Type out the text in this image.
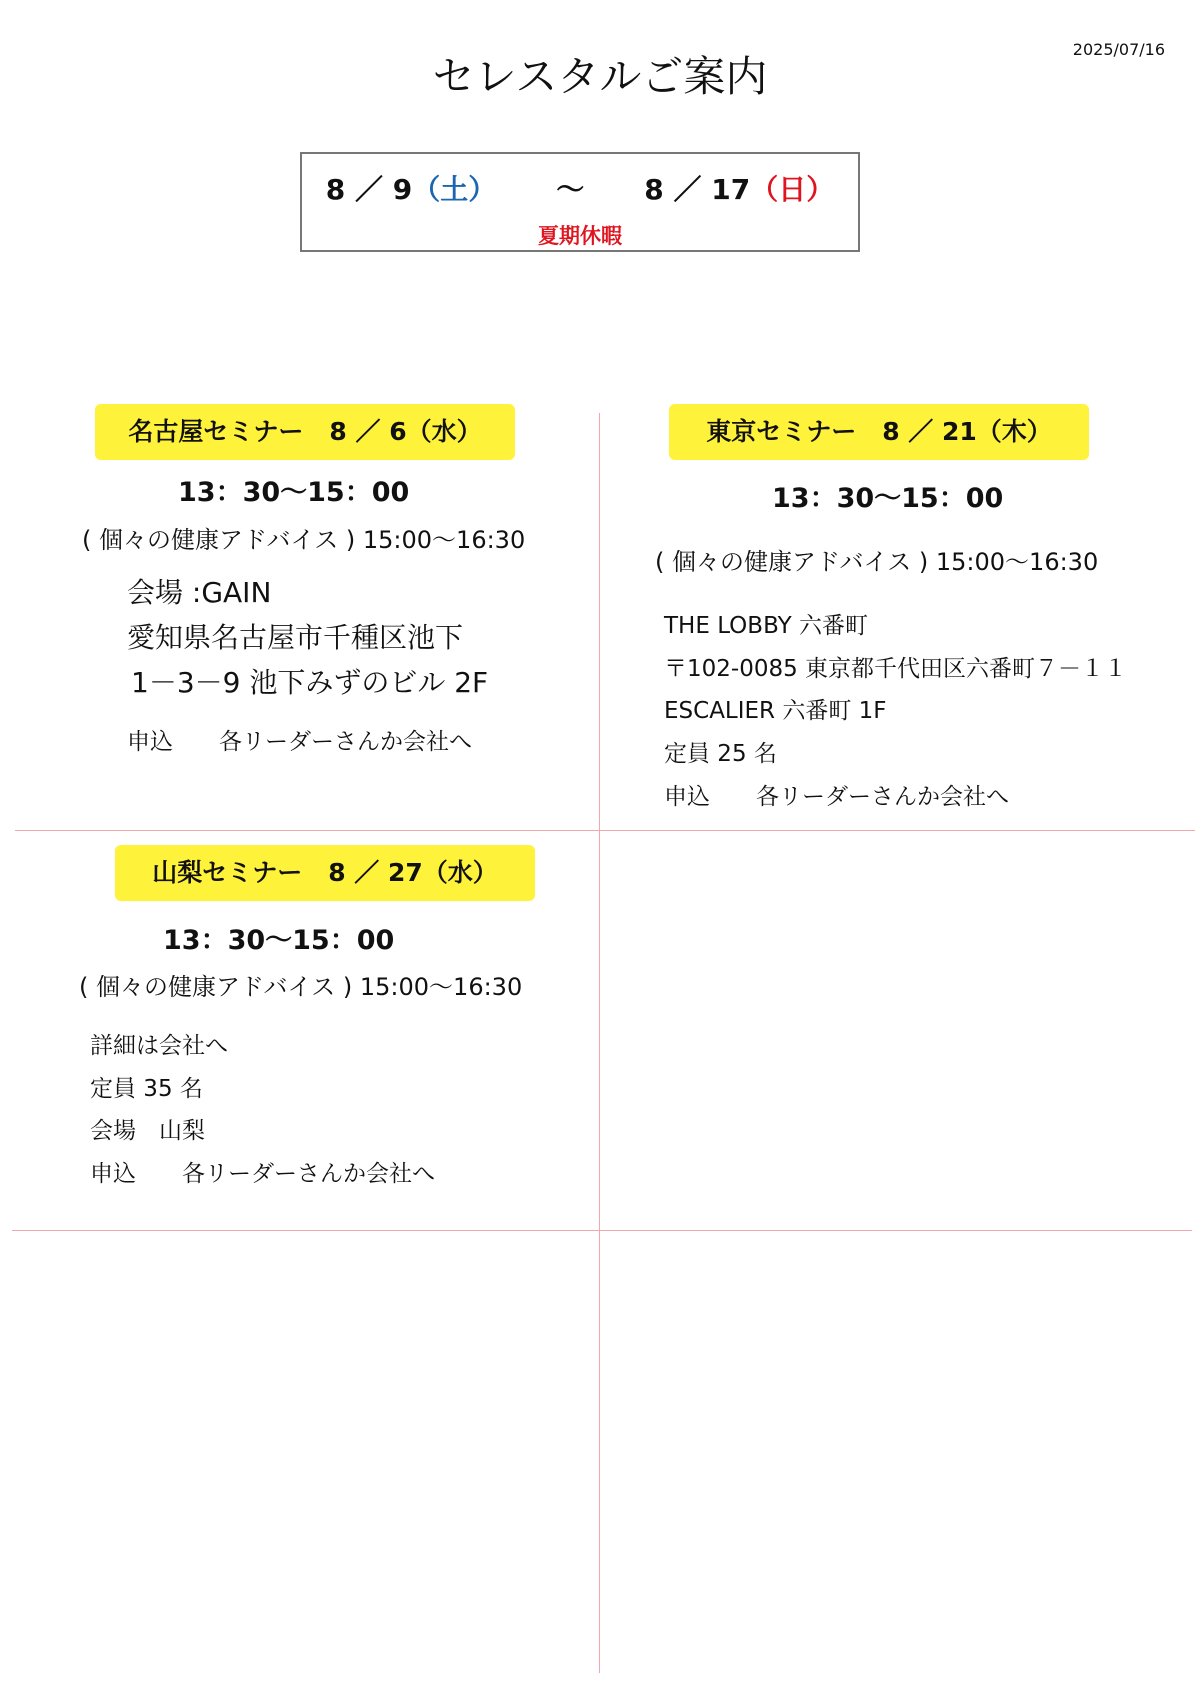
2025/07/16
セレスタルご案内
8 ／ 9（土） ～ 8 ／ 17（日）
夏期休暇
名古屋セミナー 8 ／ 6（水）
13：30～15：00
( 個々の健康アドバイス ) 15:00～16:30
会場 :GAIN
愛知県名古屋市千種区池下
1－3－9 池下みずのビル 2F
申込　　各リーダーさんか会社へ
東京セミナー 8 ／ 21（木）
13：30～15：00
( 個々の健康アドバイス ) 15:00～16:30
THE LOBBY 六番町
〒102-0085 東京都千代田区六番町７－１１
ESCALIER 六番町 1F
定員 25 名
申込　　各リーダーさんか会社へ
山梨セミナー 8 ／ 27（水）
13：30～15：00
( 個々の健康アドバイス ) 15:00～16:30
詳細は会社へ
定員 35 名
会場　山梨
申込　　各リーダーさんか会社へ
